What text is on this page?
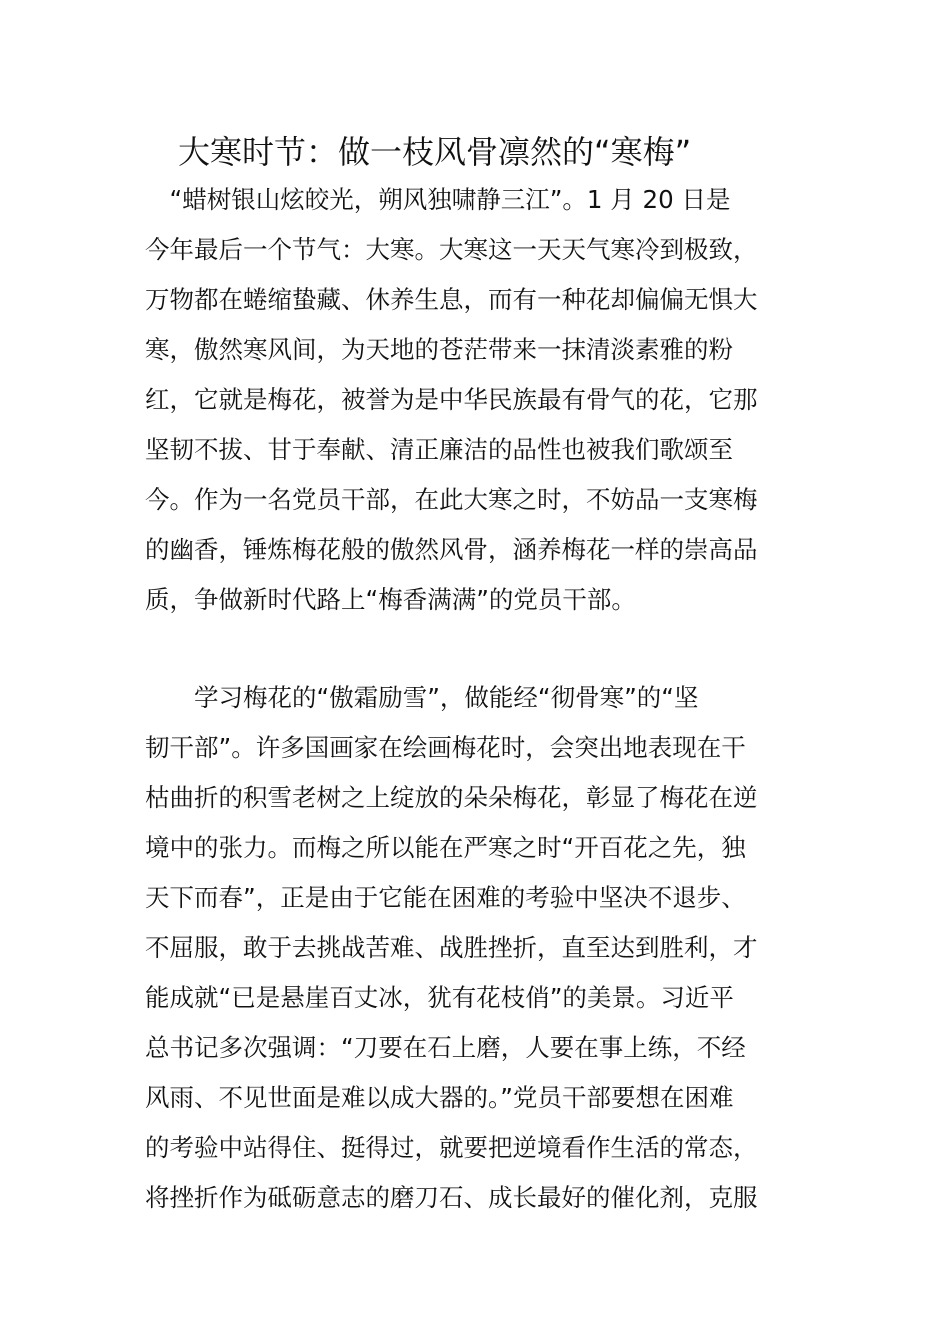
大寒时节：做一枝风骨凛然的“寒梅”

　“蜡树银山炫皎光，朔风独啸静三江”。1 月 20 日是

今年最后一个节气：大寒。大寒这一天天气寒冷到极致，

万物都在蜷缩蛰藏、休养生息，而有一种花却偏偏无惧大

寒，傲然寒风间，为天地的苍茫带来一抹清淡素雅的粉

红，它就是梅花，被誉为是中华民族最有骨气的花，它那

坚韧不拔、甘于奉献、清正廉洁的品性也被我们歌颂至

今。作为一名党员干部，在此大寒之时，不妨品一支寒梅

的幽香，锤炼梅花般的傲然风骨，涵养梅花一样的崇高品

质，争做新时代路上“梅香满满”的党员干部。

　　学习梅花的“傲霜励雪”，做能经“彻骨寒”的“坚

韧干部”。许多国画家在绘画梅花时，会突出地表现在干

枯曲折的积雪老树之上绽放的朵朵梅花，彰显了梅花在逆

境中的张力。而梅之所以能在严寒之时“开百花之先，独

天下而春”，正是由于它能在困难的考验中坚决不退步、

不屈服，敢于去挑战苦难、战胜挫折，直至达到胜利，才

能成就“已是悬崖百丈冰，犹有花枝俏”的美景。习近平

总书记多次强调：“刀要在石上磨，人要在事上练，不经

风雨、不见世面是难以成大器的。”党员干部要想在困难

的考验中站得住、挺得过，就要把逆境看作生活的常态，

将挫折作为砥砺意志的磨刀石、成长最好的催化剂，克服
